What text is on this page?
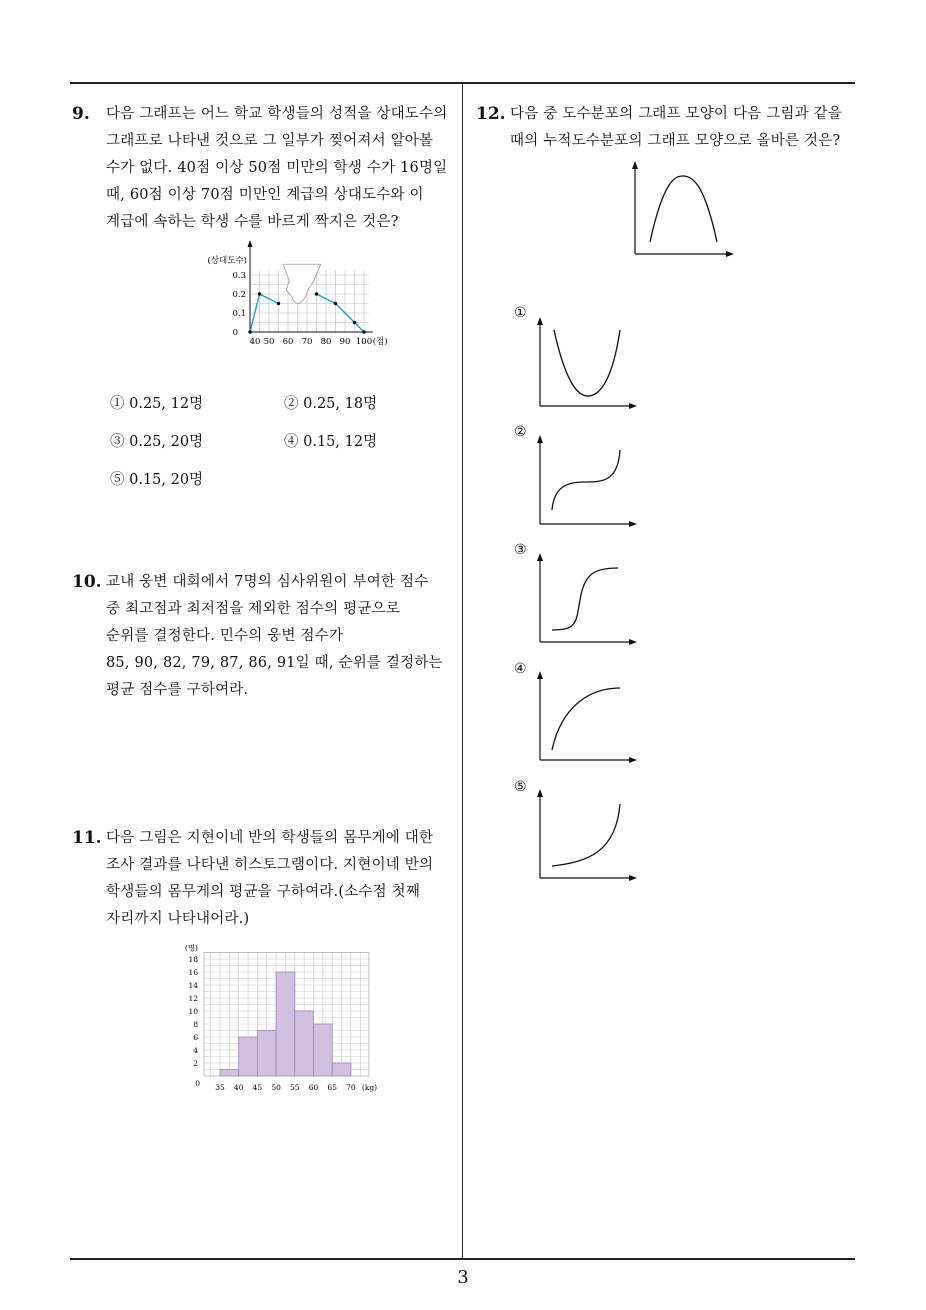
9. 다음 그래프는 어느 학교 학생들의 성적을 상대도수의
그래프로 나타낸 것으로 그 일부가 찢어져서 알아볼
수가 없다. 40점 이상 50점 미만의 학생 수가 16명일
때, 60점 이상 70점 미만인 계급의 상대도수와 이
계급에 속하는 학생 수를 바르게 짝지은 것은?
0
0.1
0.2
0.3
(상대도수)
40 50 60 70 80 90 100 (점)
① 0.25, 12명	② 0.25, 18명
③ 0.25, 20명	④ 0.15, 12명
⑤ 0.15, 20명
10. 교내 웅변 대회에서 7명의 심사위원이 부여한 점수
중 최고점과 최저점을 제외한 점수의 평균으로
순위를 결정한다. 민수의 웅변 점수가
85, 90, 82, 79, 87, 86, 91일 때, 순위를 결정하는
평균 점수를 구하여라.
11. 다음 그림은 지현이네 반의 학생들의 몸무게에 대한
조사 결과를 나타낸 히스토그램이다. 지현이네 반의
학생들의 몸무게의 평균을 구하여라.(소수점 첫째
자리까지 나타내어라.)
2
4
6
8
10
12
14
16
18
(명)
0 35 40 45 50 55 60 65 70 (kg)
12. 다음 중 도수분포의 그래프 모양이 다음 그림과 같을
때의 누적도수분포의 그래프 모양으로 올바른 것은?
①
②
③
④
⑤
3
